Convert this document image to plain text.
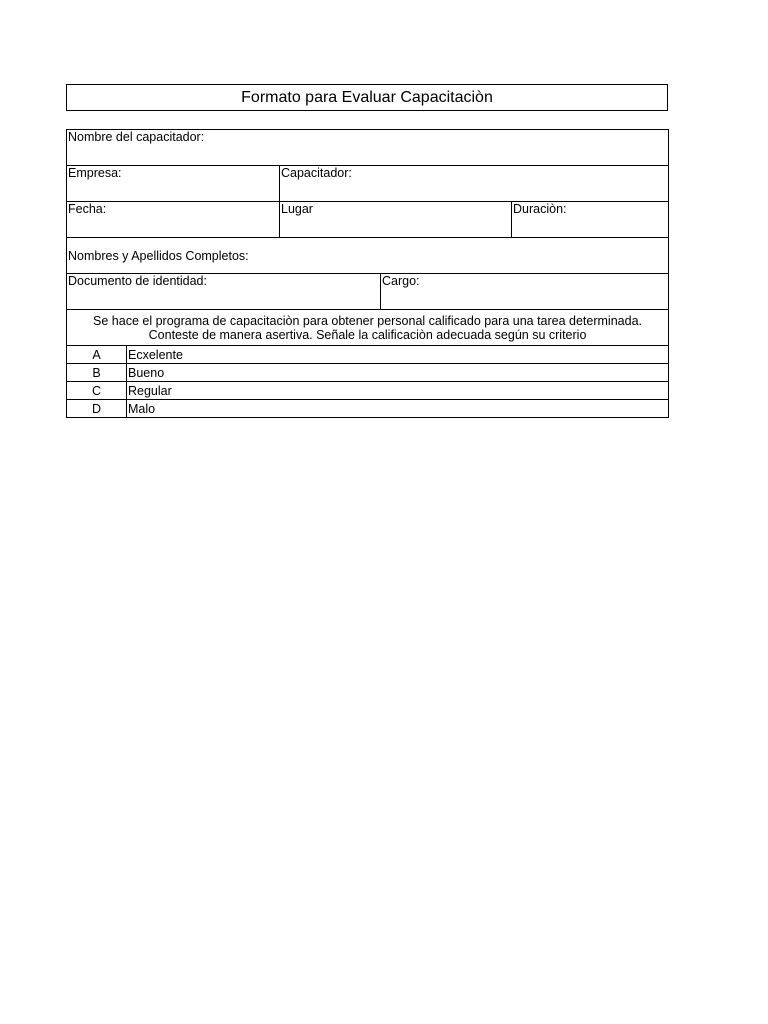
Formato para Evaluar Capacitaciòn
Nombre del capacitador:				
Empresa:		Capacitador:		
Fecha:		Lugar		Duraciòn:
Nombres y Apellidos Completos:				
Documento de identidad:			Cargo:	

Se hace el programa de capacitaciòn para obtener personal calificado para una tarea determinada.
Conteste de manera asertiva. Señale la calificaciòn adecuada según su criterio				

A	Ecxelente			
B	Bueno			
C	Regular			
D	Malo			
